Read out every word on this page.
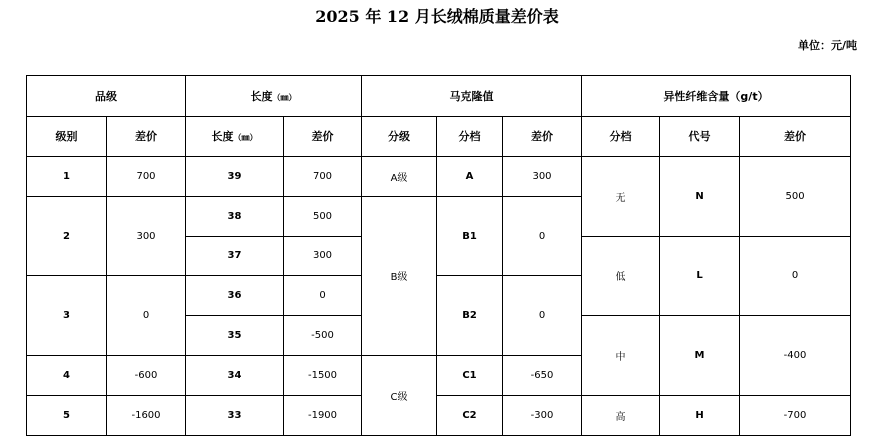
2025 年 12 月长绒棉质量差价表
单位：元/吨
品级		长度（㎜）		马克隆值			异性纤维含量（g/t）		
级别	差价	长度（㎜）	差价	分级	分档	差价	分档	代号	差价
1	700	39	700	A级	A	300	无	N	500
2	300	38	500	B级	B1	0			
		37	300				低	L	0
3	0	36	0		B2	0			
		35	-500				中	M	-400
4	-600	34	-1500	C级	C1	-650			
5	-1600	33	-1900		C2	-300	高	H	-700
